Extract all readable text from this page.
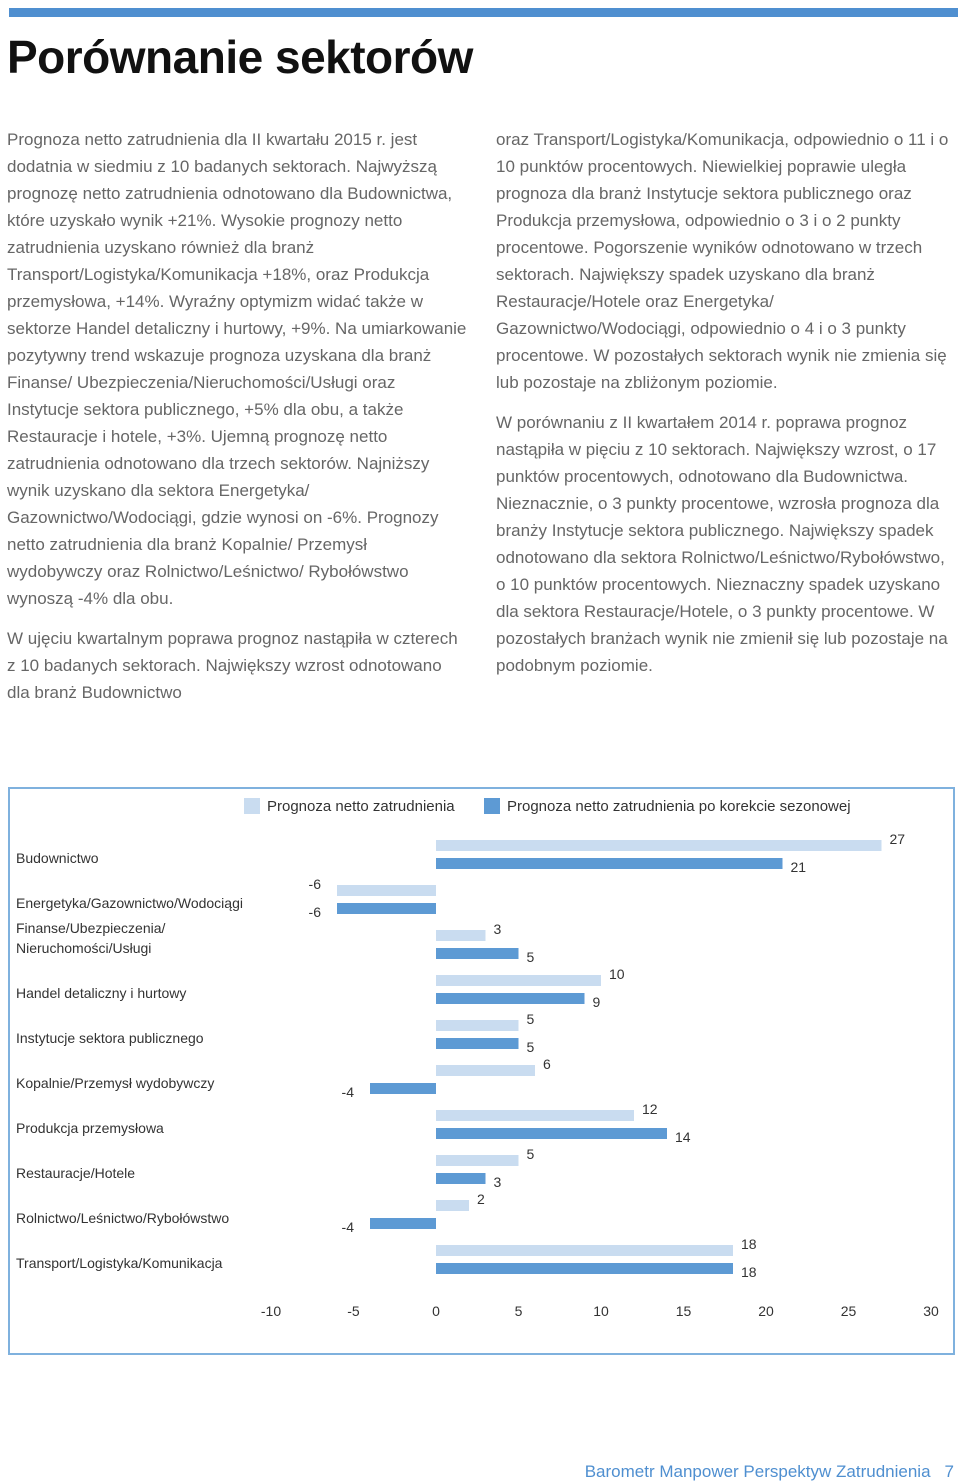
Porównanie sektorów

Prognoza netto zatrudnienia dla II kwartału 2015 r. jest dodatnia w siedmiu z 10 badanych sektorach. Najwyższą prognozę netto zatrudnienia odnotowano dla Budownictwa, które uzyskało wynik +21%. Wysokie prognozy netto zatrudnienia uzyskano również dla branż Transport/Logistyka/Komunikacja +18%, oraz Produkcja przemysłowa, +14%. Wyraźny optymizm widać także w sektorze Handel detaliczny i hurtowy, +9%. Na umiarkowanie pozytywny trend wskazuje prognoza uzyskana dla branż Finanse/ Ubezpieczenia/Nieruchomości/Usługi oraz Instytucje sektora publicznego, +5% dla obu, a także Restauracje i hotele, +3%. Ujemną prognozę netto zatrudnienia odnotowano dla trzech sektorów. Najniższy wynik uzyskano dla sektora Energetyka/ Gazownictwo/Wodociągi, gdzie wynosi on -6%. Prognozy netto zatrudnienia dla branż Kopalnie/ Przemysł wydobywczy oraz Rolnictwo/Leśnictwo/ Rybołówstwo wynoszą -4% dla obu.

W ujęciu kwartalnym poprawa prognoz nastąpiła w czterech z 10 badanych sektorach. Największy wzrost odnotowano dla branż Budownictwo

oraz Transport/Logistyka/Komunikacja, odpowiednio o 11 i o 10 punktów procentowych. Niewielkiej poprawie uległa prognoza dla branż Instytucje sektora publicznego oraz Produkcja przemysłowa, odpowiednio o 3 i o 2 punkty procentowe. Pogorszenie wyników odnotowano w trzech sektorach. Największy spadek uzyskano dla branż Restauracje/Hotele oraz Energetyka/ Gazownictwo/Wodociągi, odpowiednio o 4 i o 3 punkty procentowe. W pozostałych sektorach wynik nie zmienia się lub pozostaje na zbliżonym poziomie.

W porównaniu z II kwartałem 2014 r. poprawa prognoz nastąpiła w pięciu z 10 sektorach. Największy wzrost, o 17 punktów procentowych, odnotowano dla Budownictwa. Nieznacznie, o 3 punkty procentowe, wzrosła prognoza dla branży Instytucje sektora publicznego. Największy spadek odnotowano dla sektora Rolnictwo/Leśnictwo/Rybołówstwo, o 10 punktów procentowych. Nieznaczny spadek uzyskano dla sektora Restauracje/Hotele, o 3 punkty procentowe. W pozostałych branżach wynik nie zmienił się lub pozostaje na podobnym poziomie.

Prognoza netto zatrudnienia	Prognoza netto zatrudnienia po korekcie sezonowej
Budownictwo
27
21
Energetyka/Gazownictwo/Wodociągi
-6
-6
Finanse/Ubezpieczenia/ Nieruchomości/Usługi
3
5
Handel detaliczny i hurtowy
10
9
Instytucje sektora publicznego
5
5
Kopalnie/Przemysł wydobywczy
6
-4
Produkcja przemysłowa
12
14
Restauracje/Hotele
5
3
Rolnictwo/Leśnictwo/Rybołówstwo
2
-4
Transport/Logistyka/Komunikacja
18
18
-10	-5	0	5	10	15	20	25	30
Barometr Manpower Perspektyw Zatrudnienia 7
